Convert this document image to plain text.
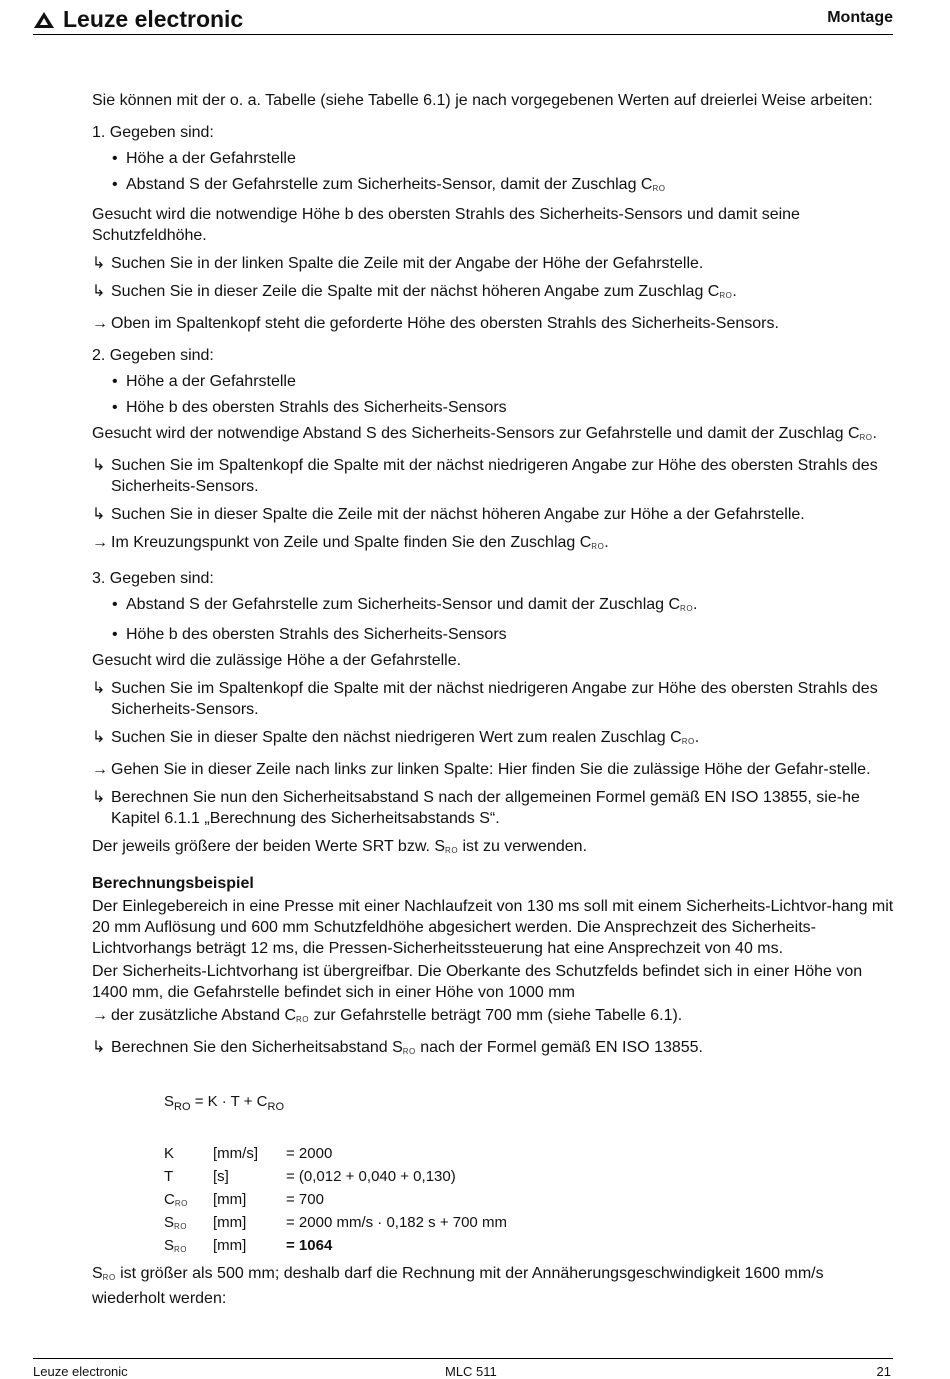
Leuze electronic	Montage

Sie können mit der o. a. Tabelle (siehe Tabelle 6.1) je nach vorgegebenen Werten auf dreierlei Weise arbeiten:

1. Gegeben sind:
• Höhe a der Gefahrstelle
• Abstand S der Gefahrstelle zum Sicherheits-Sensor, damit der Zuschlag $C_{RO}$

Gesucht wird die notwendige Höhe b des obersten Strahls des Sicherheits-Sensors und damit seine Schutzfeldhöhe.

↳ Suchen Sie in der linken Spalte die Zeile mit der Angabe der Höhe der Gefahrstelle.
↳ Suchen Sie in dieser Zeile die Spalte mit der nächst höheren Angabe zum Zuschlag $C_{RO}$.
→ Oben im Spaltenkopf steht die geforderte Höhe des obersten Strahls des Sicherheits-Sensors.
2. Gegeben sind:
• Höhe a der Gefahrstelle
• Höhe b des obersten Strahls des Sicherheits-Sensors

Gesucht wird der notwendige Abstand S des Sicherheits-Sensors zur Gefahrstelle und damit der Zuschlag $C_{RO}$.

↳ Suchen Sie im Spaltenkopf die Spalte mit der nächst niedrigeren Angabe zur Höhe des obersten Strahls des Sicherheits-Sensors.
↳ Suchen Sie in dieser Spalte die Zeile mit der nächst höheren Angabe zur Höhe a der Gefahrstelle.
→ Im Kreuzungspunkt von Zeile und Spalte finden Sie den Zuschlag $C_{RO}$.
3. Gegeben sind:
• Abstand S der Gefahrstelle zum Sicherheits-Sensor und damit der Zuschlag $C_{RO}$.
• Höhe b des obersten Strahls des Sicherheits-Sensors

Gesucht wird die zulässige Höhe a der Gefahrstelle.

↳ Suchen Sie im Spaltenkopf die Spalte mit der nächst niedrigeren Angabe zur Höhe des obersten Strahls des Sicherheits-Sensors.
↳ Suchen Sie in dieser Spalte den nächst niedrigeren Wert zum realen Zuschlag $C_{RO}$.
→ Gehen Sie in dieser Zeile nach links zur linken Spalte: Hier finden Sie die zulässige Höhe der Gefahr-stelle.
↳ Berechnen Sie nun den Sicherheitsabstand S nach der allgemeinen Formel gemäß EN ISO 13855, sie-he Kapitel 6.1.1 „Berechnung des Sicherheitsabstands S“.

Der jeweils größere der beiden Werte SRT bzw. $S_{RO}$ ist zu verwenden.

Berechnungsbeispiel

Der Einlegebereich in eine Presse mit einer Nachlaufzeit von 130 ms soll mit einem Sicherheits-Lichtvor-hang mit 20 mm Auflösung und 600 mm Schutzfeldhöhe abgesichert werden. Die Ansprechzeit des Sicherheits-Lichtvorhangs beträgt 12 ms, die Pressen-Sicherheitssteuerung hat eine Ansprechzeit von 40 ms.

Der Sicherheits-Lichtvorhang ist übergreifbar. Die Oberkante des Schutzfelds befindet sich in einer Höhe von 1400 mm, die Gefahrstelle befindet sich in einer Höhe von 1000 mm

→ der zusätzliche Abstand $C_{RO}$ zur Gefahrstelle beträgt 700 mm (siehe Tabelle 6.1).
↳ Berechnen Sie den Sicherheitsabstand $S_{RO}$ nach der Formel gemäß EN ISO 13855.
$S_{RO} = K \cdot T + C_{RO}$
K	[mm/s]	= 2000
T	[s]	= (0,012 + 0,040 + 0,130)
$C_{RO}$	[mm]	= 700
$S_{RO}$	[mm]	= 2000 mm/s · 0,182 s + 700 mm
$S_{RO}$	[mm]	= 1064

$S_{RO}$ ist größer als 500 mm; deshalb darf die Rechnung mit der Annäherungsgeschwindigkeit 1600 mm/s wiederholt werden:

Leuze electronic	MLC 511	21
